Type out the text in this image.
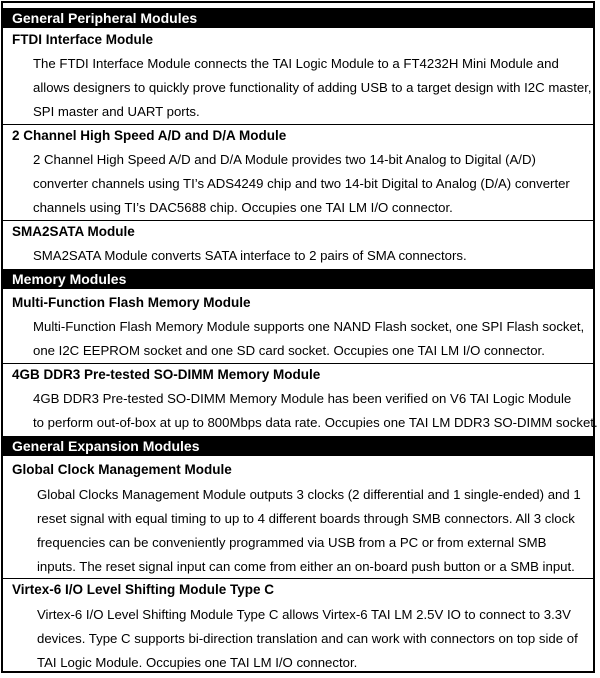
General Peripheral Modules
FTDI Interface Module
The FTDI Interface Module connects the TAI Logic Module to a FT4232H Mini Module and
allows designers to quickly prove functionality of adding USB to a target design with I2C master,
SPI master and UART ports.
2 Channel High Speed A/D and D/A Module
2 Channel High Speed A/D and D/A Module provides two 14-bit Analog to Digital (A/D)
converter channels using TI’s ADS4249 chip and two 14-bit Digital to Analog (D/A) converter
channels using TI’s DAC5688 chip. Occupies one TAI LM I/O connector.
SMA2SATA Module
SMA2SATA Module converts SATA interface to 2 pairs of SMA connectors.
Memory Modules
Multi-Function Flash Memory Module
Multi-Function Flash Memory Module supports one NAND Flash socket, one SPI Flash socket,
one I2C EEPROM socket and one SD card socket. Occupies one TAI LM I/O connector.
4GB DDR3 Pre-tested SO-DIMM Memory Module
4GB DDR3 Pre-tested SO-DIMM Memory Module has been verified on V6 TAI Logic Module
to perform out-of-box at up to 800Mbps data rate. Occupies one TAI LM DDR3 SO-DIMM socket.
General Expansion Modules
Global Clock Management Module
Global Clocks Management Module outputs 3 clocks (2 differential and 1 single-ended) and 1
reset signal with equal timing to up to 4 different boards through SMB connectors. All 3 clock
frequencies can be conveniently programmed via USB from a PC or from external SMB
inputs. The reset signal input can come from either an on-board push button or a SMB input.
Virtex-6 I/O Level Shifting Module Type C
Virtex-6 I/O Level Shifting Module Type C allows Virtex-6 TAI LM 2.5V IO to connect to 3.3V
devices. Type C supports bi-direction translation and can work with connectors on top side of
TAI Logic Module. Occupies one TAI LM I/O connector.
